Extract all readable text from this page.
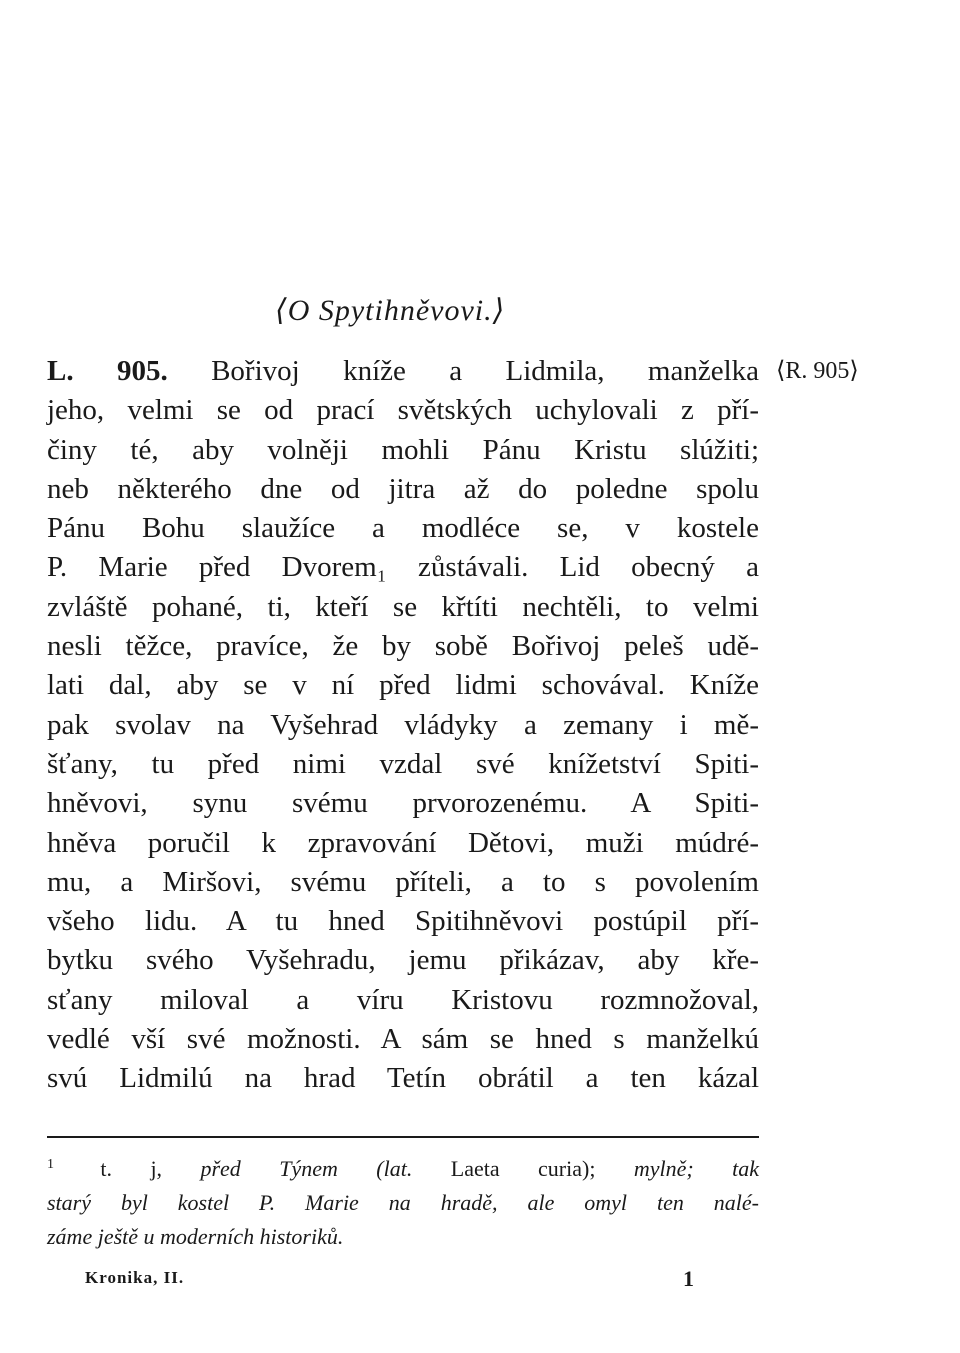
⟨O Spytihněvovi.⟩
⟨R. 905⟩
L. 905. Bořivoj kníže a Lidmila, manželka
jeho, velmi se od prací světských uchylovali z pří-
činy té, aby volněji mohli Pánu Kristu slúžiti;
neb některého dne od jitra až do poledne spolu
Pánu Bohu slaužíce a modléce se, v kostele
P. Marie před Dvorem₁ zůstávali. Lid obecný a
zvláště pohané, ti, kteří se křtíti nechtěli, to velmi
nesli těžce, pravíce, že by sobě Bořivoj peleš udě-
lati dal, aby se v ní před lidmi schovával. Kníže
pak svolav na Vyšehrad vládyky a zemany i mě-
šťany, tu před nimi vzdal své knížetství Spiti-
hněvovi, synu svému prvorozenému. A Spiti-
hněva poručil k zpravování Dětovi, muži múdré-
mu, a Miršovi, svému příteli, a to s povolením
všeho lidu. A tu hned Spitihněvovi postúpil pří-
bytku svého Vyšehradu, jemu přikázav, aby kře-
sťany miloval a víru Kristovu rozmnožoval,
vedlé vší své možnosti. A sám se hned s manželkú
svú Lidmilú na hrad Tetín obrátil a ten kázal
$^1$ t. j, před Týnem (lat. Laeta curia); mylně; tak
starý byl kostel P. Marie na hradě, ale omyl ten nalé-
záme ještě u moderních historiků.
Kronika, II.	1
